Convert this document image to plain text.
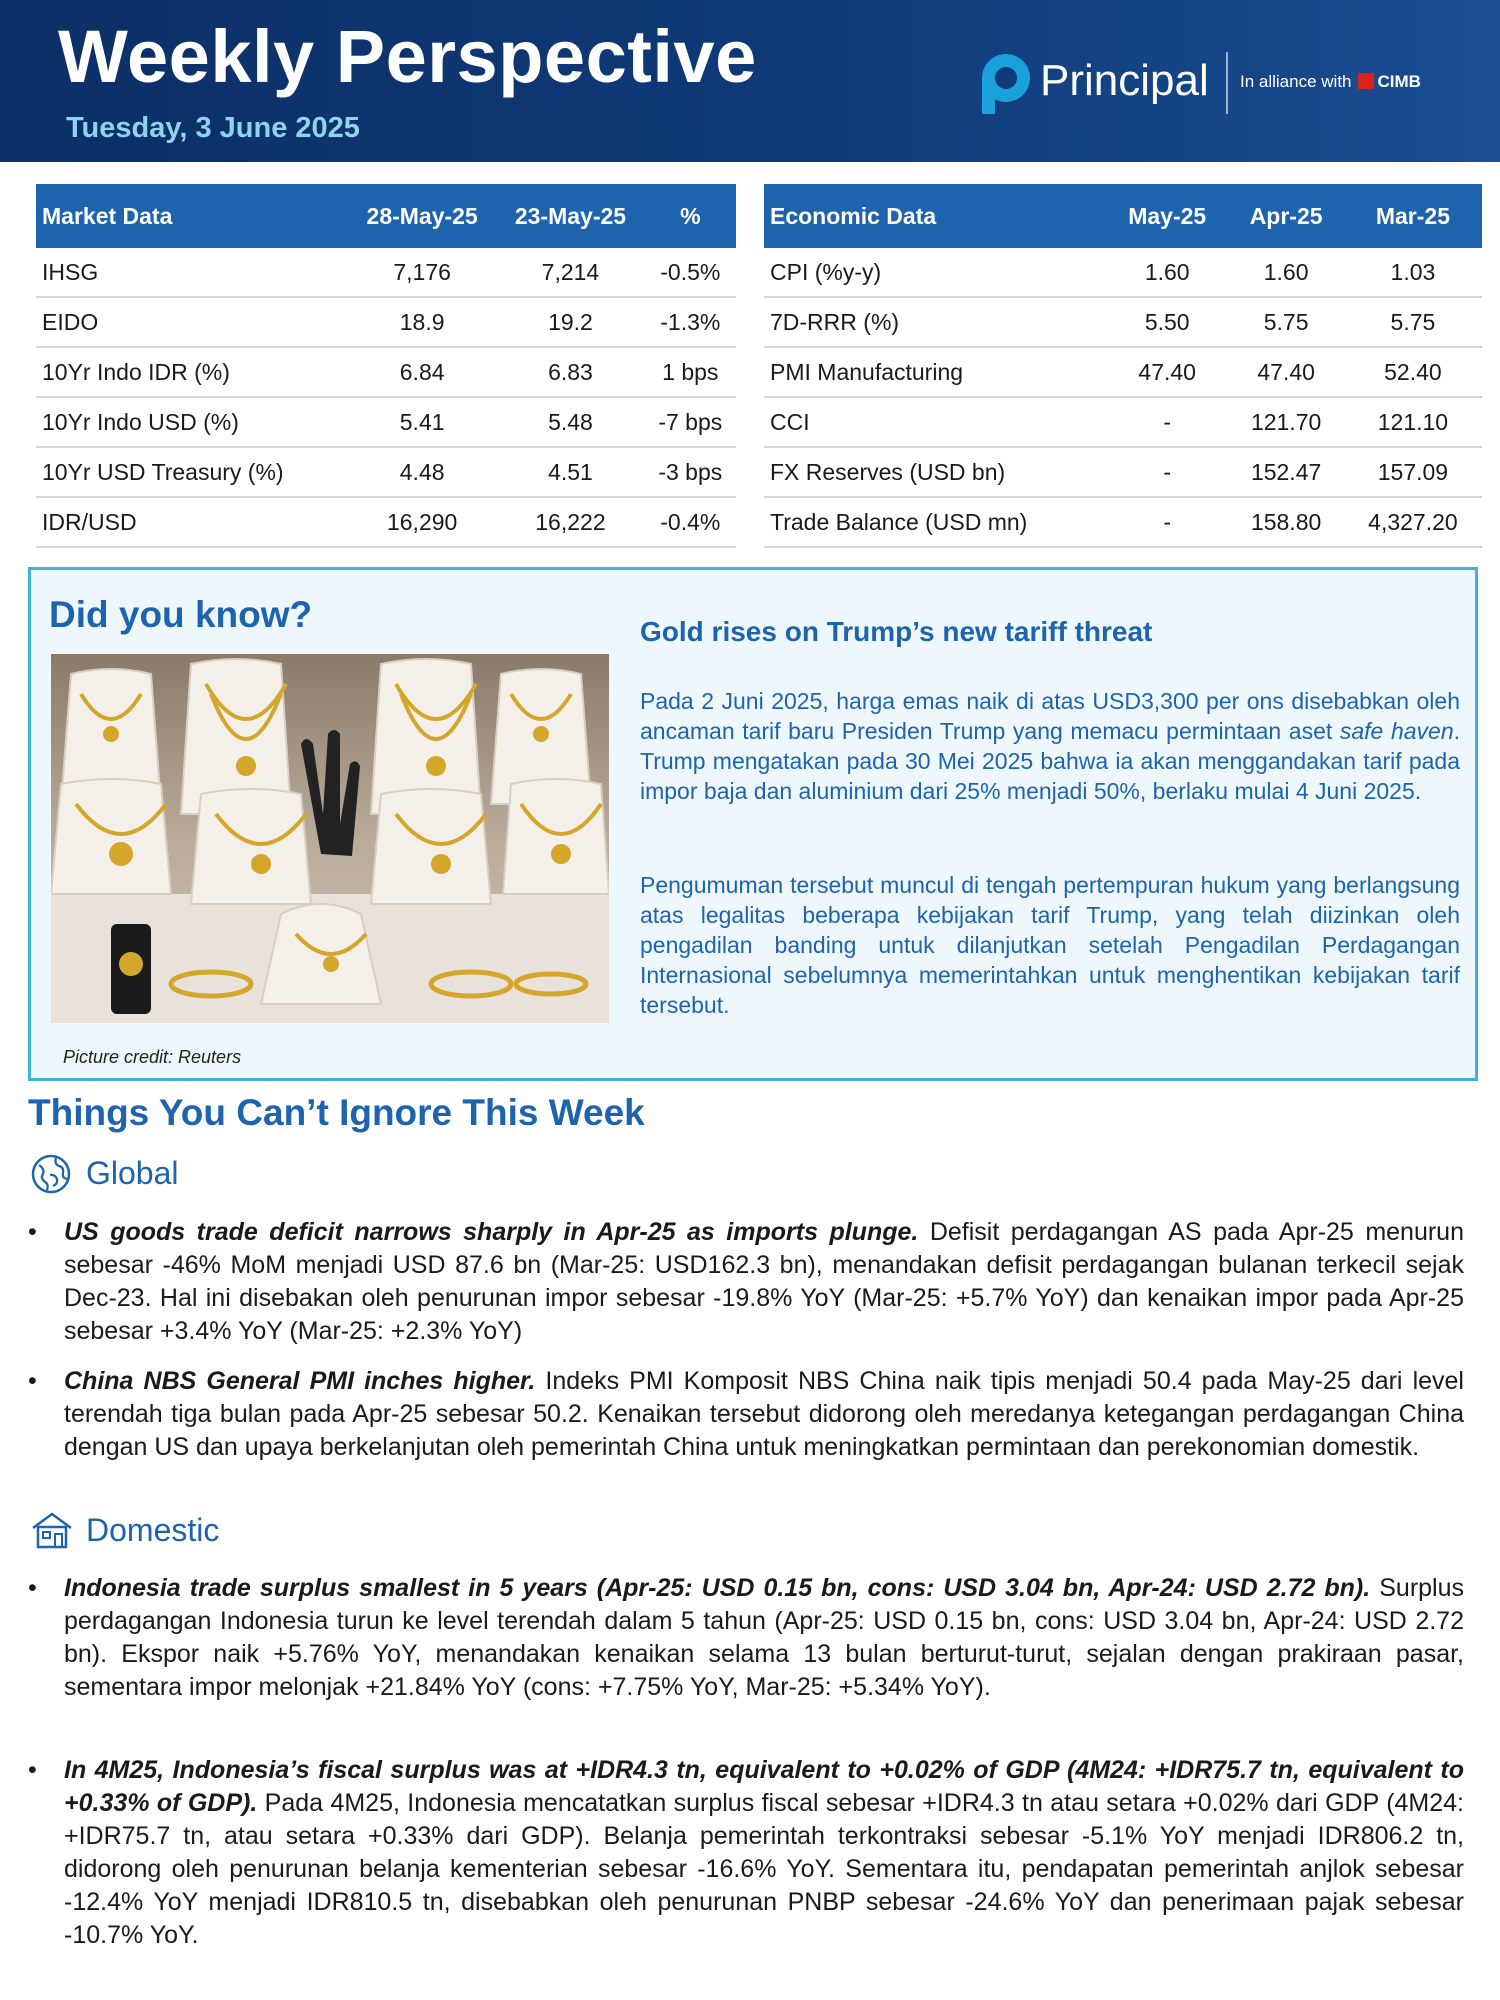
Weekly Perspective
Tuesday, 3 June 2025
Principal In alliance with CIMB
Market Data	28-May-25	23-May-25	%
IHSG	7,176	7,214	-0.5%
EIDO	18.9	19.2	-1.3%
10Yr Indo IDR (%)	6.84	6.83	1 bps
10Yr Indo USD (%)	5.41	5.48	-7 bps
10Yr USD Treasury (%)	4.48	4.51	-3 bps
IDR/USD	16,290	16,222	-0.4%
Economic Data	May-25	Apr-25	Mar-25
CPI (%y-y)	1.60	1.60	1.03
7D-RRR (%)	5.50	5.75	5.75
PMI Manufacturing	47.40	47.40	52.40
CCI	-	121.70	121.10
FX Reserves (USD bn)	-	152.47	157.09
Trade Balance (USD mn)	-	158.80	4,327.20
Did you know?
Picture credit: Reuters
Gold rises on Trump’s new tariff threat
Pada 2 Juni 2025, harga emas naik di atas USD3,300 per ons disebabkan oleh ancaman tarif baru Presiden Trump yang memacu permintaan aset safe haven. Trump mengatakan pada 30 Mei 2025 bahwa ia akan menggandakan tarif pada impor baja dan aluminium dari 25% menjadi 50%, berlaku mulai 4 Juni 2025.
Pengumuman tersebut muncul di tengah pertempuran hukum yang berlangsung atas legalitas beberapa kebijakan tarif Trump, yang telah diizinkan oleh pengadilan banding untuk dilanjutkan setelah Pengadilan Perdagangan Internasional sebelumnya memerintahkan untuk menghentikan kebijakan tarif tersebut.
Things You Can’t Ignore This Week
Global
• US goods trade deficit narrows sharply in Apr-25 as imports plunge. Defisit perdagangan AS pada Apr-25 menurun sebesar -46% MoM menjadi USD 87.6 bn (Mar-25: USD162.3 bn), menandakan defisit perdagangan bulanan terkecil sejak Dec-23. Hal ini disebakan oleh penurunan impor sebesar -19.8% YoY (Mar-25: +5.7% YoY) dan kenaikan impor pada Apr-25 sebesar +3.4% YoY (Mar-25: +2.3% YoY)
• China NBS General PMI inches higher. Indeks PMI Komposit NBS China naik tipis menjadi 50.4 pada May-25 dari level terendah tiga bulan pada Apr-25 sebesar 50.2. Kenaikan tersebut didorong oleh meredanya ketegangan perdagangan China dengan US dan upaya berkelanjutan oleh pemerintah China untuk meningkatkan permintaan dan perekonomian domestik.
Domestic
• Indonesia trade surplus smallest in 5 years (Apr-25: USD 0.15 bn, cons: USD 3.04 bn, Apr-24: USD 2.72 bn). Surplus perdagangan Indonesia turun ke level terendah dalam 5 tahun (Apr-25: USD 0.15 bn, cons: USD 3.04 bn, Apr-24: USD 2.72 bn). Ekspor naik +5.76% YoY, menandakan kenaikan selama 13 bulan berturut-turut, sejalan dengan prakiraan pasar, sementara impor melonjak +21.84% YoY (cons: +7.75% YoY, Mar-25: +5.34% YoY).
• In 4M25, Indonesia’s fiscal surplus was at +IDR4.3 tn, equivalent to +0.02% of GDP (4M24: +IDR75.7 tn, equivalent to +0.33% of GDP). Pada 4M25, Indonesia mencatatkan surplus fiscal sebesar +IDR4.3 tn atau setara +0.02% dari GDP (4M24: +IDR75.7 tn, atau setara +0.33% dari GDP). Belanja pemerintah terkontraksi sebesar -5.1% YoY menjadi IDR806.2 tn, didorong oleh penurunan belanja kementerian sebesar -16.6% YoY. Sementara itu, pendapatan pemerintah anjlok sebesar -12.4% YoY menjadi IDR810.5 tn, disebabkan oleh penurunan PNBP sebesar -24.6% YoY dan penerimaan pajak sebesar -10.7% YoY.
